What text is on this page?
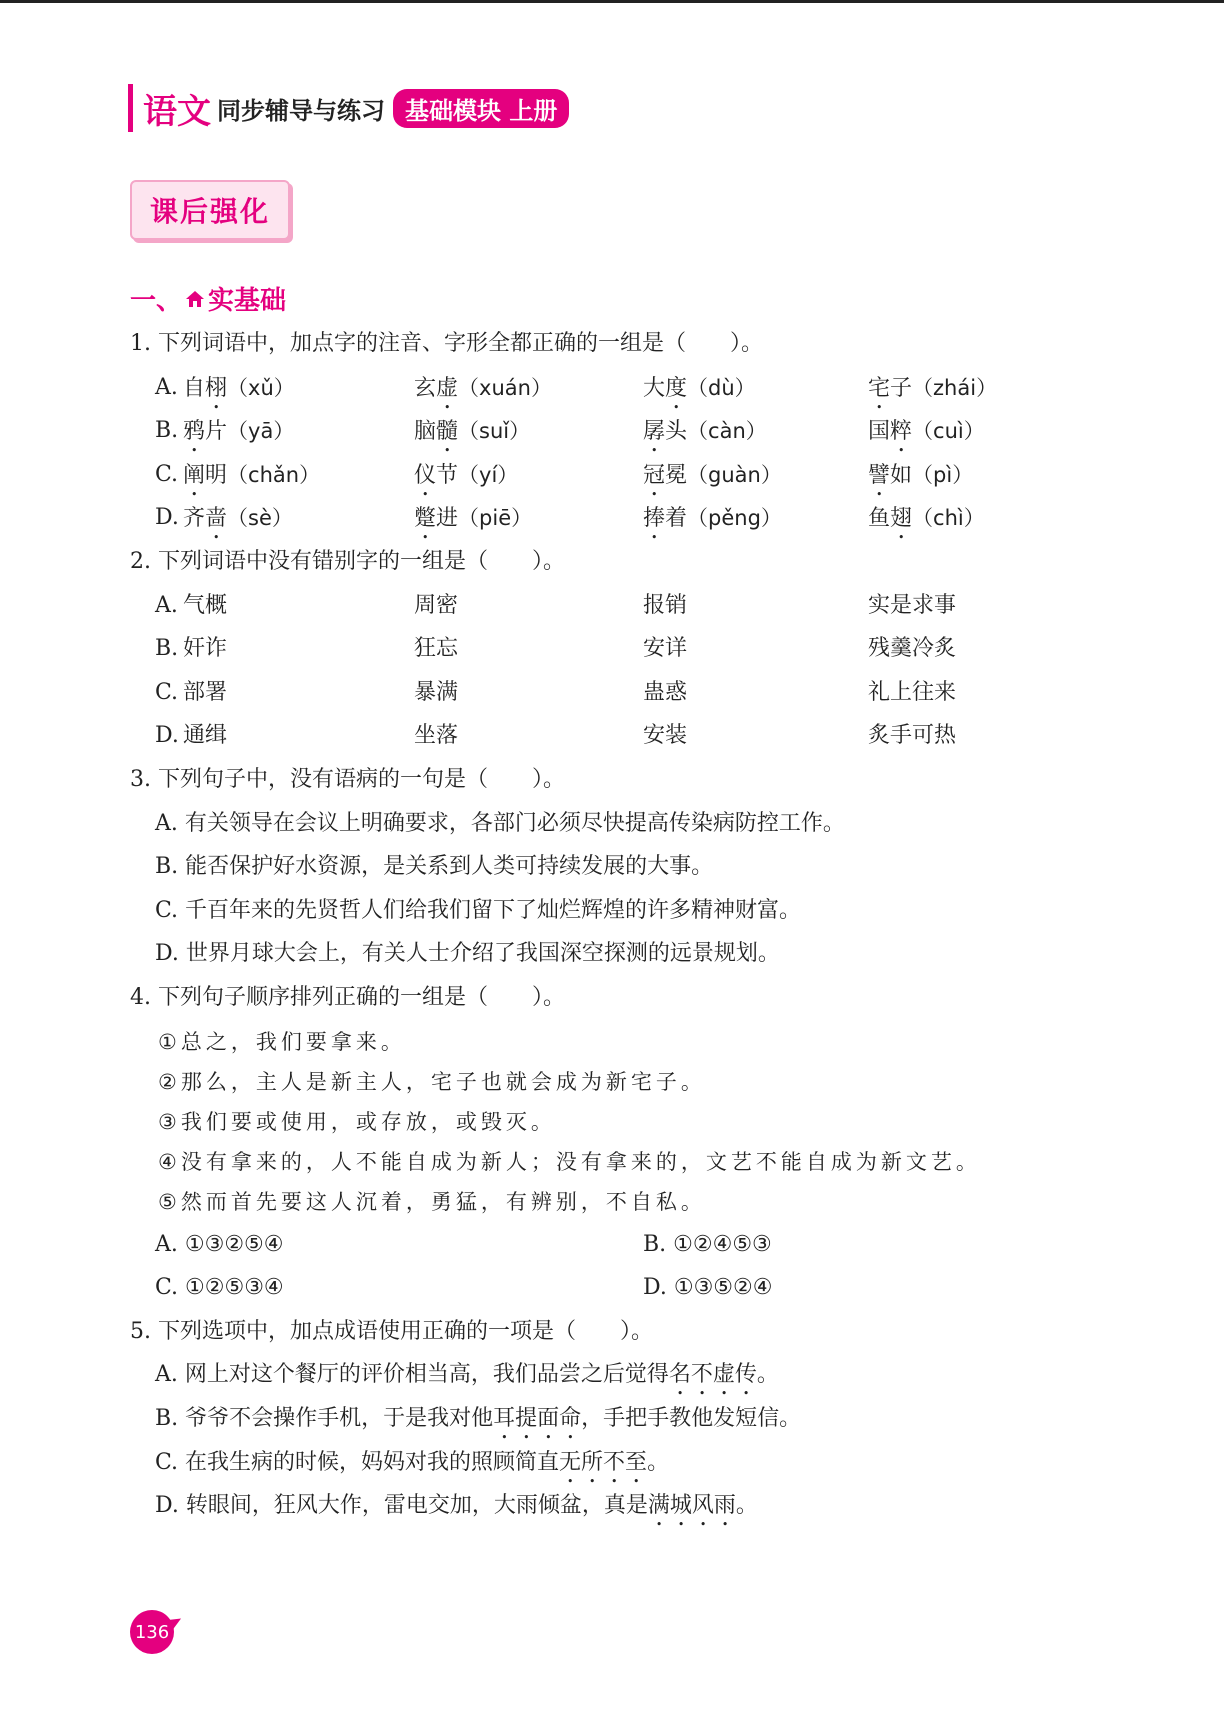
语文 同步辅导与练习 基础模块 上册
课后强化
一、 实基础
1. 下列词语中，加点字的注音、字形全都正确的一组是（　　）。
A. 自栩（xǔ）	玄虚（xuán）	大度（dù）	宅子（zhái）
B. 鸦片（yā）	脑髓（suǐ）	孱头（càn）	国粹（cuì）
C. 阐明（chǎn）	仪节（yí）	冠冕（guàn）	譬如（pì）
D. 齐啬（sè）	蹩进（piē）	捧着（pěng）	鱼翅（chì）
2. 下列词语中没有错别字的一组是（　　）。
A. 气概	周密	报销	实是求事
B. 奸诈	狂忘	安详	残羹冷炙
C. 部署	暴满	蛊惑	礼上往来
D. 通缉	坐落	安装	炙手可热
3. 下列句子中，没有语病的一句是（　　）。
A. 有关领导在会议上明确要求，各部门必须尽快提高传染病防控工作。
B. 能否保护好水资源，是关系到人类可持续发展的大事。
C. 千百年来的先贤哲人们给我们留下了灿烂辉煌的许多精神财富。
D. 世界月球大会上，有关人士介绍了我国深空探测的远景规划。
4. 下列句子顺序排列正确的一组是（　　）。
①总之，我们要拿来。
②那么，主人是新主人，宅子也就会成为新宅子。
③我们要或使用，或存放，或毁灭。
④没有拿来的，人不能自成为新人；没有拿来的，文艺不能自成为新文艺。
⑤然而首先要这人沉着，勇猛，有辨别，不自私。
A. ①③②⑤④	B. ①②④⑤③
C. ①②⑤③④	D. ①③⑤②④
5. 下列选项中，加点成语使用正确的一项是（　　）。
A. 网上对这个餐厅的评价相当高，我们品尝之后觉得名不虚传。
B. 爷爷不会操作手机，于是我对他耳提面命，手把手教他发短信。
C. 在我生病的时候，妈妈对我的照顾简直无所不至。
D. 转眼间，狂风大作，雷电交加，大雨倾盆，真是满城风雨。
136
